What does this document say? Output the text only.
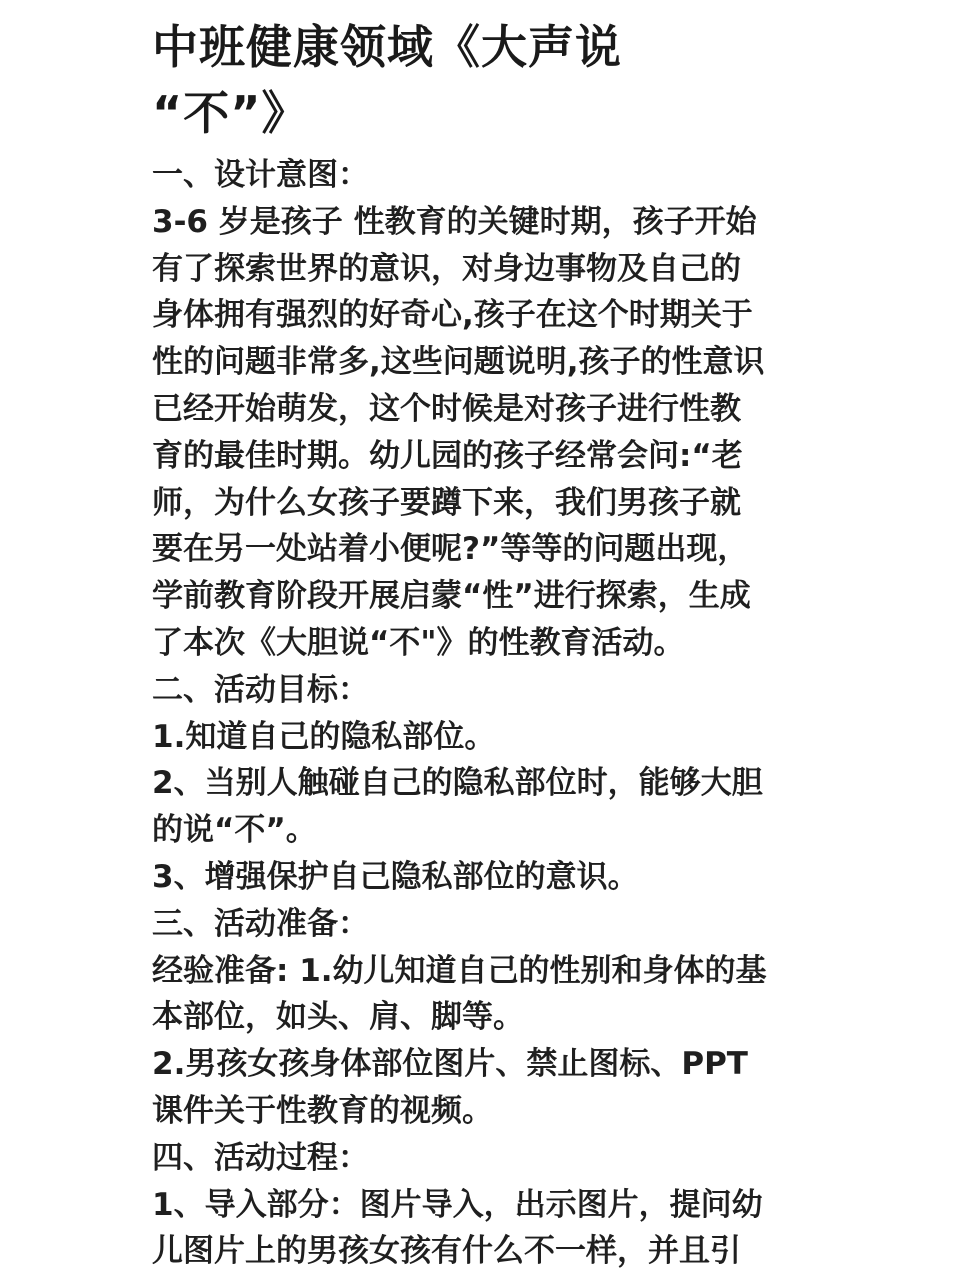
中班健康领域《大声说
“不”》
一、设计意图：
3-6 岁是孩子 性教育的关键时期，孩子开始
有了探索世界的意识，对身边事物及自己的
身体拥有强烈的好奇心,孩子在这个时期关于
性的问题非常多,这些问题说明,孩子的性意识
已经开始萌发，这个时候是对孩子进行性教
育的最佳时期。幼儿园的孩子经常会问:“老
师，为什么女孩子要蹲下来，我们男孩子就
要在另一处站着小便呢?”等等的问题出现，
学前教育阶段开展启蒙“性”进行探索，生成
了本次《大胆说“不"》的性教育活动。
二、活动目标：
1.知道自己的隐私部位。
2、当别人触碰自己的隐私部位时，能够大胆
的说“不”。
3、增强保护自己隐私部位的意识。
三、活动准备：
经验准备: 1.幼儿知道自己的性别和身体的基
本部位，如头、肩、脚等。
2.男孩女孩身体部位图片、禁止图标、PPT
课件关于性教育的视频。
四、活动过程：
1、导入部分：图片导入，出示图片，提问幼
儿图片上的男孩女孩有什么不一样，并且引
